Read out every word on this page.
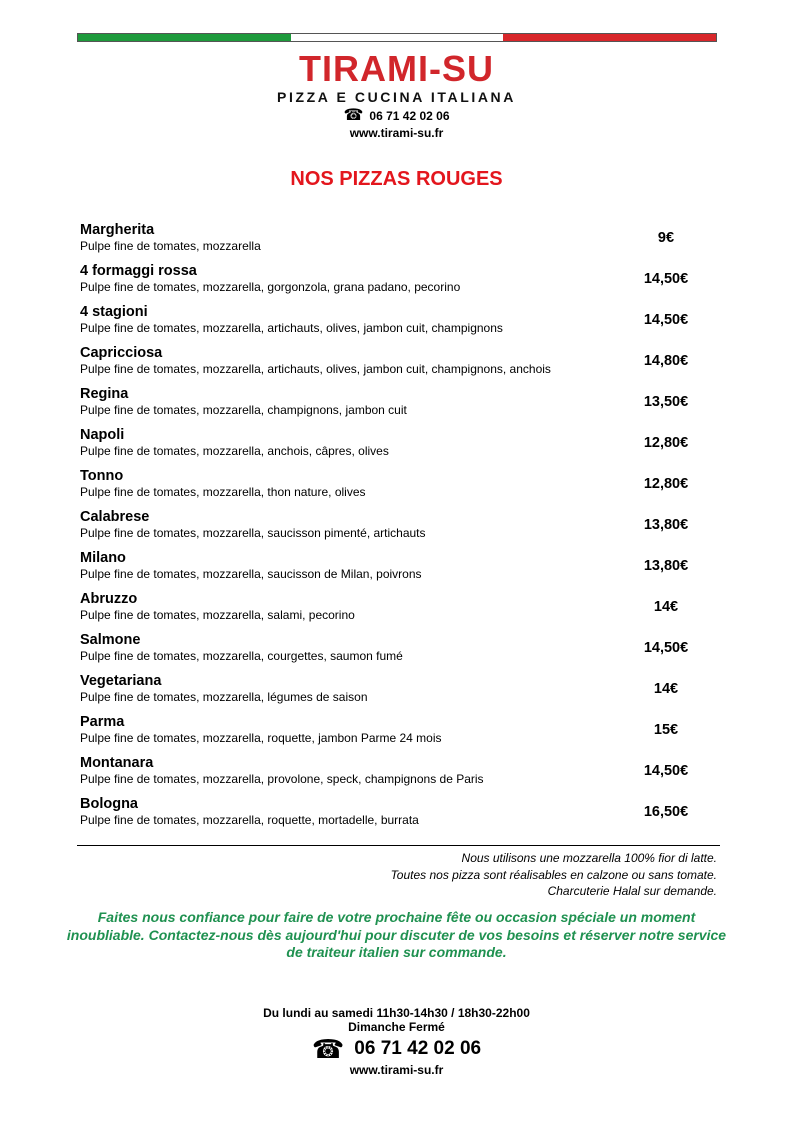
TIRAMI-SU
PIZZA E CUCINA ITALIANA
☎ 06 71 42 02 06
www.tirami-su.fr
NOS PIZZAS ROUGES
Margherita
Pulpe fine de tomates, mozzarella	9€
4 formaggi rossa
Pulpe fine de tomates, mozzarella, gorgonzola, grana padano, pecorino	14,50€
4 stagioni
Pulpe fine de tomates, mozzarella, artichauts, olives, jambon cuit, champignons	14,50€
Capricciosa
Pulpe fine de tomates, mozzarella, artichauts, olives, jambon cuit, champignons, anchois	14,80€
Regina
Pulpe fine de tomates, mozzarella, champignons, jambon cuit	13,50€
Napoli
Pulpe fine de tomates, mozzarella, anchois, câpres, olives	12,80€
Tonno
Pulpe fine de tomates, mozzarella, thon nature, olives	12,80€
Calabrese
Pulpe fine de tomates, mozzarella, saucisson pimenté, artichauts	13,80€
Milano
Pulpe fine de tomates, mozzarella, saucisson de Milan, poivrons	13,80€
Abruzzo
Pulpe fine de tomates, mozzarella, salami, pecorino	14€
Salmone
Pulpe fine de tomates, mozzarella, courgettes, saumon fumé	14,50€
Vegetariana
Pulpe fine de tomates, mozzarella, légumes de saison	14€
Parma
Pulpe fine de tomates, mozzarella, roquette, jambon Parme 24 mois	15€
Montanara
Pulpe fine de tomates, mozzarella, provolone, speck, champignons de Paris	14,50€
Bologna
Pulpe fine de tomates, mozzarella, roquette, mortadelle, burrata	16,50€
Nous utilisons une mozzarella 100% fior di latte.
Toutes nos pizza sont réalisables en calzone ou sans tomate.
Charcuterie Halal sur demande.
Faites nous confiance pour faire de votre prochaine fête ou occasion spéciale un moment inoubliable. Contactez-nous dès aujourd'hui pour discuter de vos besoins et réserver notre service de traiteur italien sur commande.
Du lundi au samedi 11h30-14h30 / 18h30-22h00
Dimanche Fermé
☎ 06 71 42 02 06
www.tirami-su.fr
